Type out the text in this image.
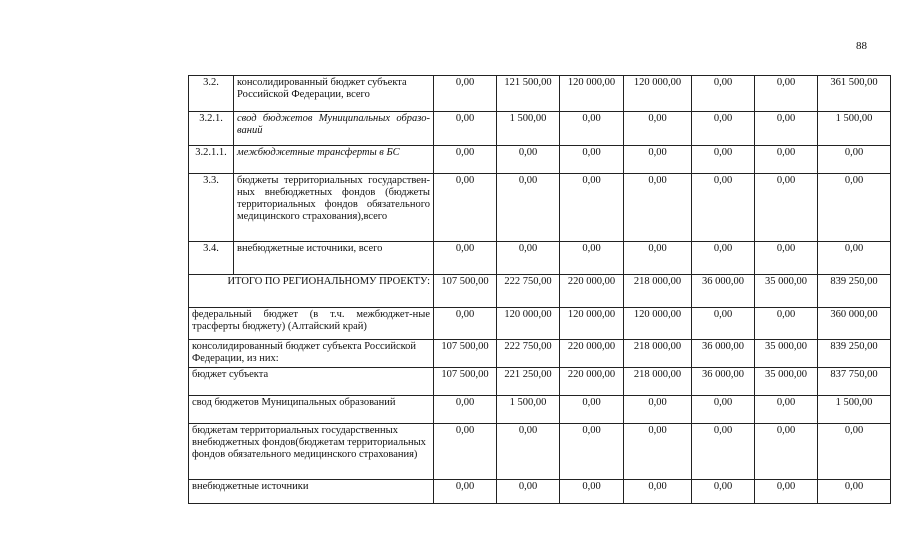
88
3.2.	консолидированный бюджет субъекта Российской Федерации, всего	0,00	121 500,00	120 000,00	120 000,00	0,00	0,00	361 500,00
3.2.1.	свод бюджетов Муниципальных образо-ваний	0,00	1 500,00	0,00	0,00	0,00	0,00	1 500,00
3.2.1.1.	межбюджетные трансферты в БС	0,00	0,00	0,00	0,00	0,00	0,00	0,00
3.3.	бюджеты территориальных государствен-ных внебюджетных фондов (бюджеты территориальных фондов обязательного медицинского страхования),всего	0,00	0,00	0,00	0,00	0,00	0,00	0,00
3.4.	внебюджетные источники, всего	0,00	0,00	0,00	0,00	0,00	0,00	0,00
ИТОГО ПО РЕГИОНАЛЬНОМУ ПРОЕКТУ:		107 500,00	222 750,00	220 000,00	218 000,00	36 000,00	35 000,00	839 250,00
федеральный бюджет (в т.ч. межбюджет-ные трасферты бюджету) (Алтайский край)		0,00	120 000,00	120 000,00	120 000,00	0,00	0,00	360 000,00
консолидированный бюджет субъекта Российской Федерации, из них:		107 500,00	222 750,00	220 000,00	218 000,00	36 000,00	35 000,00	839 250,00
бюджет субъекта		107 500,00	221 250,00	220 000,00	218 000,00	36 000,00	35 000,00	837 750,00
свод бюджетов Муниципальных образований		0,00	1 500,00	0,00	0,00	0,00	0,00	1 500,00
бюджетам территориальных государственных внебюджетных фондов(бюджетам территориальных фондов обязательного медицинского страхования)		0,00	0,00	0,00	0,00	0,00	0,00	0,00
внебюджетные источники		0,00	0,00	0,00	0,00	0,00	0,00	0,00
